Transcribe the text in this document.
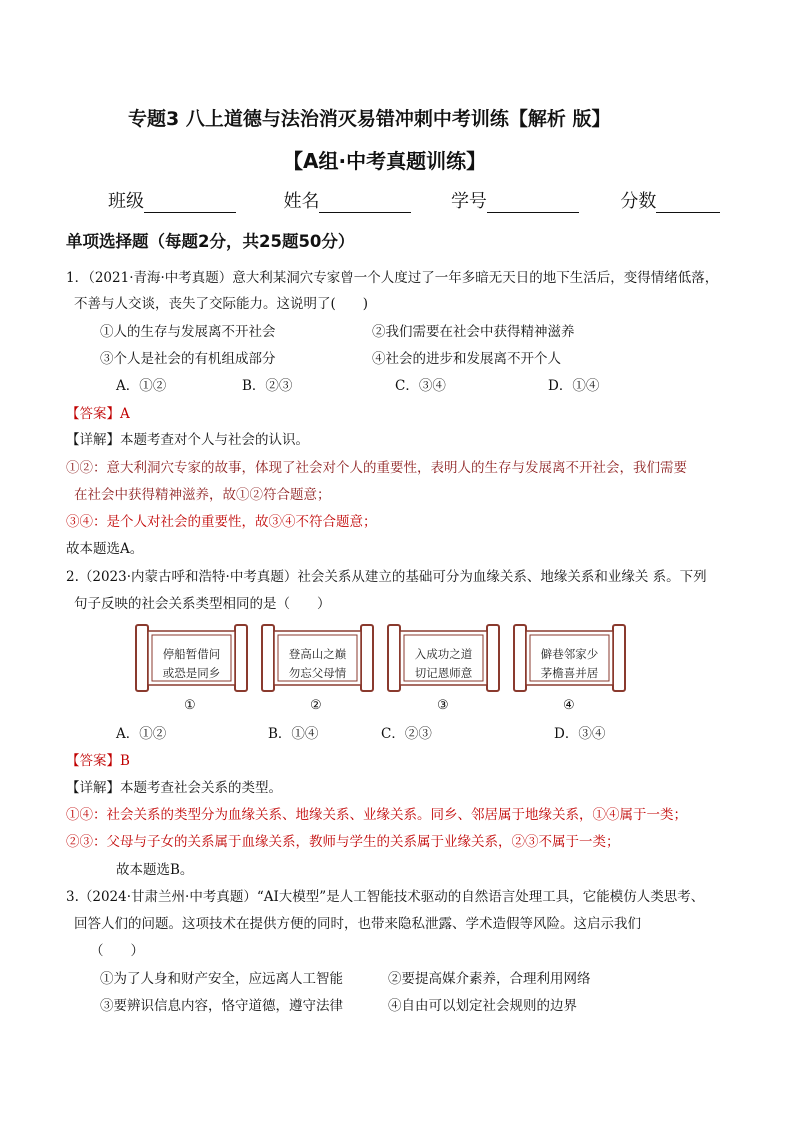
专题3 八上道德与法治消灭易错冲刺中考训练【解析 版】
【A组·中考真题训练】
班级	姓名	学号	分数
单项选择题（每题2分，共25题50分）
1．（2021·青海·中考真题）意大利某洞穴专家曾一个人度过了一年多暗无天日的地下生活后，变得情绪低落，
不善与人交谈，丧失了交际能力。这说明了(　　)
①人的生存与发展离不开社会	②我们需要在社会中获得精神滋养
③个人是社会的有机组成部分	④社会的进步和发展离不开个人
A．①②	B．②③	C．③④	D．①④
【答案】A
【详解】本题考查对个人与社会的认识。
①②：意大利洞穴专家的故事，体现了社会对个人的重要性，表明人的生存与发展离不开社会，我们需要
在社会中获得精神滋养，故①②符合题意；
③④：是个人对社会的重要性，故③④不符合题意；
故本题选A。
2.（2023·内蒙古呼和浩特·中考真题）社会关系从建立的基础可分为血缘关系、地缘关系和业缘关 系。下列
句子反映的社会关系类型相同的是（　　）
停船暂借问
或恐是同乡
登高山之巅
勿忘父母情
入成功之道
切记恩师意
僻巷邻家少
茅檐喜并居
①	②	③	④
A．①②	B．①④	C．②③	D．③④
【答案】B
【详解】本题考查社会关系的类型。
①④：社会关系的类型分为血缘关系、地缘关系、业缘关系。同乡、邻居属于地缘关系，①④属于一类；
②③：父母与子女的关系属于血缘关系，教师与学生的关系属于业缘关系，②③不属于一类；
故本题选B。
3.（2024·甘肃兰州·中考真题）“AI大模型”是人工智能技术驱动的自然语言处理工具，它能模仿人类思考、
回答人们的问题。这项技术在提供方便的同时，也带来隐私泄露、学术造假等风险。这启示我们
（　　）
①为了人身和财产安全，应远离人工智能	②要提高媒介素养，合理利用网络
③要辨识信息内容，恪守道德，遵守法律	④自由可以划定社会规则的边界
